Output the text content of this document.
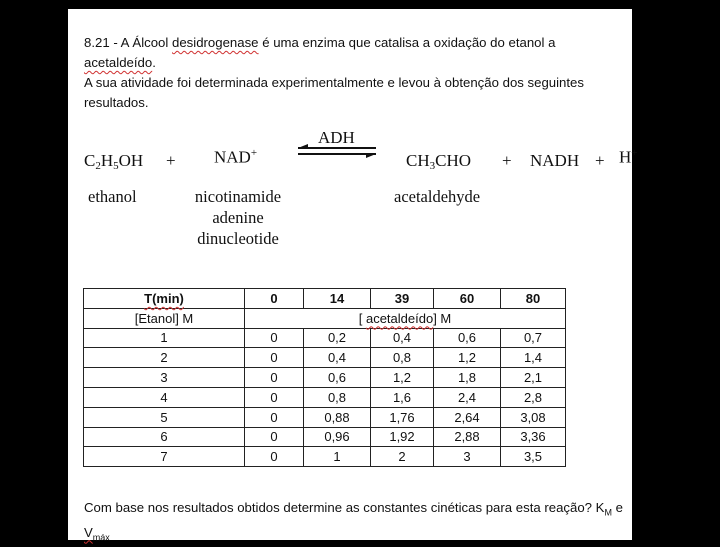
8.21 - A Álcool desidrogenase é uma enzima que catalisa a oxidação do etanol a acetaldeído.
A sua atividade foi determinada experimentalmente e levou à obtenção dos seguintes
resultados.
ADH
$C_2H_5OH + NAD^+$	$CH_3CHO$ + NADH + H+
ethanol	nicotinamide
adenine
dinucleotide
acetaldehyde
T(min)	0	14	39	60	80
[Etanol] M	[ acetaldeído] M				
1	0	0,2	0,4	0,6	0,7
2	0	0,4	0,8	1,2	1,4
3	0	0,6	1,2	1,8	2,1
4	0	0,8	1,6	2,4	2,8
5	0	0,88	1,76	2,64	3,08
6	0	0,96	1,92	2,88	3,36
7	0	1	2	3	3,5
Com base nos resultados obtidos determine as constantes cinéticas para esta reação? $K_M$ e
$V_{máx}$
